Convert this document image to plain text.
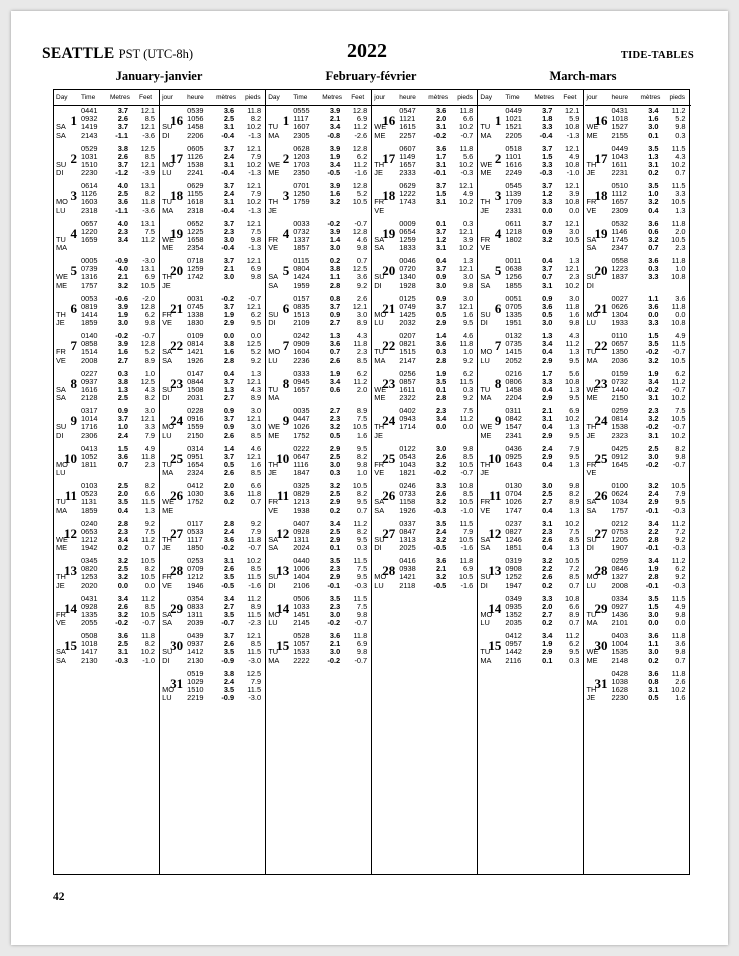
SEATTLE PST (UTC-8h)	2022	TIDE-TABLES
January-janvier	February-février	March-mars
Day Time Metres Feet
1
SA
SA
0441	3.7	12.1
0932	2.6	8.5
1419	3.7	12.1
2143	-1.1	-3.6
2
SU
DI
0529	3.8	12.5
1031	2.6	8.5
1510	3.7	12.1
2230	-1.2	-3.9
3
MO
LU
0614	4.0	13.1
1126	2.5	8.2
1603	3.6	11.8
2318	-1.1	-3.6
4
TU
MA
0657	4.0	13.1
1220	2.3	7.5
1659	3.4	11.2
5
WE
ME
0005	-0.9	-3.0
0739	4.0	13.1
1316	2.1	6.9
1757	3.2	10.5
6
TH
JE
0053	-0.6	-2.0
0819	3.9	12.8
1414	1.9	6.2
1859	3.0	9.8
7
FR
VE
0140	-0.2	-0.7
0858	3.9	12.8
1514	1.6	5.2
2008	2.7	8.9
8
SA
SA
0227	0.3	1.0
0937	3.8	12.5
1616	1.3	4.3
2128	2.5	8.2
9
SU
DI
0317	0.9	3.0
1014	3.7	12.1
1716	1.0	3.3
2306	2.4	7.9
10
MO
LU
0413	1.5	4.9
1052	3.6	11.8
1811	0.7	2.3
11
TU
MA
0103	2.5	8.2
0523	2.0	6.6
1131	3.5	11.5
1859	0.4	1.3
12
WE
ME
0240	2.8	9.2
0653	2.3	7.5
1212	3.4	11.2
1942	0.2	0.7
13
TH
JE
0345	3.2	10.5
0820	2.5	8.2
1253	3.2	10.5
2020	0.0	0.0
14
FR
VE
0431	3.4	11.2
0928	2.6	8.5
1335	3.2	10.5
2055	-0.2	-0.7
15
SA
SA
0508	3.6	11.8
1018	2.5	8.2
1417	3.1	10.2
2130	-0.3	-1.0
jour heure mètres pieds
16
SU
DI
0539	3.6	11.8
1056	2.5	8.2
1458	3.1	10.2
2206	-0.4	-1.3
17
MO
LU
0605	3.7	12.1
1126	2.4	7.9
1538	3.1	10.2
2241	-0.4	-1.3
18
TU
MA
0629	3.7	12.1
1155	2.4	7.9
1618	3.1	10.2
2318	-0.4	-1.3
19
WE
ME
0652	3.7	12.1
1225	2.3	7.5
1658	3.0	9.8
2354	-0.4	-1.3
20
TH
JE
0718	3.7	12.1
1259	2.1	6.9
1742	3.0	9.8
21
FR
VE
0031	-0.2	-0.7
0745	3.7	12.1
1338	1.9	6.2
1830	2.9	9.5
22
SA
SA
0109	0.0	0.0
0814	3.8	12.5
1421	1.6	5.2
1926	2.8	9.2
23
SU
DI
0147	0.4	1.3
0844	3.7	12.1
1508	1.3	4.3
2031	2.7	8.9
24
MO
LU
0228	0.9	3.0
0916	3.7	12.1
1559	0.9	3.0
2150	2.6	8.5
25
TU
MA
0314	1.4	4.6
0951	3.7	12.1
1654	0.5	1.6
2324	2.6	8.5
26
WE
ME
0412	2.0	6.6
1030	3.6	11.8
1752	0.2	0.7
27
TH
JE
0117	2.8	9.2
0533	2.4	7.9
1117	3.6	11.8
1850	-0.2	-0.7
28
FR
VE
0253	3.1	10.2
0709	2.6	8.5
1212	3.5	11.5
1946	-0.5	-1.6
29
SA
SA
0354	3.4	11.2
0833	2.7	8.9
1311	3.5	11.5
2039	-0.7	-2.3
30
SU
DI
0439	3.7	12.1
0937	2.6	8.5
1412	3.5	11.5
2130	-0.9	-3.0
31
MO
LU
0519	3.8	12.5
1029	2.4	7.9
1510	3.5	11.5
2219	-0.9	-3.0
Day Time Metres Feet
1
TU
MA
0555	3.9	12.8
1117	2.1	6.9
1607	3.4	11.2
2305	-0.8	-2.6
2
WE
ME
0628	3.9	12.8
1203	1.9	6.2
1703	3.4	11.2
2350	-0.5	-1.6
3
TH
JE
0701	3.9	12.8
1250	1.6	5.2
1759	3.2	10.5
4
FR
VE
0033	-0.2	-0.7
0732	3.9	12.8
1337	1.4	4.6
1857	3.0	9.8
5
SA
SA
0115	0.2	0.7
0804	3.8	12.5
1424	1.1	3.6
1959	2.8	9.2
6
SU
DI
0157	0.8	2.6
0835	3.7	12.1
1513	0.9	3.0
2109	2.7	8.9
7
MO
LU
0242	1.3	4.3
0909	3.6	11.8
1604	0.7	2.3
2236	2.6	8.5
8
TU
MA
0333	1.9	6.2
0945	3.4	11.2
1657	0.6	2.0
9
WE
ME
0035	2.7	8.9
0447	2.3	7.5
1026	3.2	10.5
1752	0.5	1.6
10
TH
JE
0222	2.9	9.5
0647	2.5	8.2
1116	3.0	9.8
1847	0.3	1.0
11
FR
VE
0325	3.2	10.5
0829	2.5	8.2
1213	2.9	9.5
1938	0.2	0.7
12
SA
SA
0407	3.4	11.2
0928	2.5	8.2
1311	2.9	9.5
2024	0.1	0.3
13
SU
DI
0440	3.5	11.5
1006	2.3	7.5
1404	2.9	9.5
2106	-0.1	-0.3
14
MO
LU
0506	3.5	11.5
1033	2.3	7.5
1451	3.0	9.8
2145	-0.2	-0.7
15
TU
MA
0528	3.6	11.8
1057	2.1	6.9
1533	3.0	9.8
2222	-0.2	-0.7
jour heure mètres pieds
16
WE
ME
0547	3.6	11.8
1121	2.0	6.6
1615	3.1	10.2
2257	-0.2	-0.7
17
TH
JE
0607	3.6	11.8
1149	1.7	5.6
1657	3.1	10.2
2333	-0.1	-0.3
18
FR
VE
0629	3.7	12.1
1222	1.5	4.9
1743	3.1	10.2
19
SA
SA
0009	0.1	0.3
0654	3.7	12.1
1259	1.2	3.9
1833	3.1	10.2
20
SU
DI
0046	0.4	1.3
0720	3.7	12.1
1340	0.9	3.0
1928	3.0	9.8
21
MO
LU
0125	0.9	3.0
0749	3.7	12.1
1425	0.5	1.6
2032	2.9	9.5
22
TU
MA
0207	1.4	4.6
0821	3.6	11.8
1515	0.3	1.0
2147	2.8	9.2
23
WE
ME
0256	1.9	6.2
0857	3.5	11.5
1611	0.1	0.3
2322	2.8	9.2
24
TH
JE
0402	2.3	7.5
0943	3.4	11.2
1714	0.0	0.0
25
FR
VE
0122	3.0	9.8
0543	2.6	8.5
1043	3.2	10.5
1821	-0.2	-0.7
26
SA
SA
0246	3.3	10.8
0733	2.6	8.5
1158	3.2	10.5
1926	-0.3	-1.0
27
SU
DI
0337	3.5	11.5
0847	2.4	7.9
1313	3.2	10.5
2025	-0.5	-1.6
28
MO
LU
0416	3.6	11.8
0938	2.1	6.9
1421	3.2	10.5
2118	-0.5	-1.6
Day Time Metres Feet
1
TU
MA
0449	3.7	12.1
1021	1.8	5.9
1521	3.3	10.8
2205	-0.4	-1.3
2
WE
ME
0518	3.7	12.1
1101	1.5	4.9
1616	3.3	10.8
2249	-0.3	-1.0
3
TH
JE
0545	3.7	12.1
1139	1.2	3.9
1709	3.3	10.8
2331	0.0	0.0
4
FR
VE
0611	3.7	12.1
1218	0.9	3.0
1802	3.2	10.5
5
SA
SA
0011	0.4	1.3
0638	3.7	12.1
1256	0.7	2.3
1855	3.1	10.2
6
SU
DI
0051	0.9	3.0
0705	3.6	11.8
1335	0.5	1.6
1951	3.0	9.8
7
MO
LU
0132	1.3	4.3
0735	3.4	11.2
1415	0.4	1.3
2052	2.9	9.5
8
TU
MA
0216	1.7	5.6
0806	3.3	10.8
1458	0.4	1.3
2204	2.9	9.5
9
WE
ME
0311	2.1	6.9
0842	3.1	10.2
1547	0.4	1.3
2341	2.9	9.5
10
TH
JE
0436	2.4	7.9
0925	2.9	9.5
1643	0.4	1.3
11
FR
VE
0130	3.0	9.8
0704	2.5	8.2
1026	2.7	8.9
1747	0.4	1.3
12
SA
SA
0237	3.1	10.2
0827	2.3	7.5
1246	2.6	8.5
1851	0.4	1.3
13
SU
DI
0319	3.2	10.5
0908	2.2	7.2
1252	2.6	8.5
1947	0.2	0.7
14
MO
LU
0349	3.3	10.8
0935	2.0	6.6
1352	2.7	8.9
2035	0.2	0.7
15
TU
MA
0412	3.4	11.2
0957	1.9	6.2
1442	2.9	9.5
2116	0.1	0.3
jour heure mètres pieds
16
WE
ME
0431	3.4	11.2
1018	1.6	5.2
1527	3.0	9.8
2155	0.1	0.3
17
TH
JE
0449	3.5	11.5
1043	1.3	4.3
1611	3.1	10.2
2231	0.2	0.7
18
FR
VE
0510	3.5	11.5
1112	1.0	3.3
1657	3.2	10.5
2309	0.4	1.3
19
SA
SA
0532	3.6	11.8
1146	0.6	2.0
1745	3.2	10.5
2347	0.7	2.3
20
SU
DI
0558	3.6	11.8
1223	0.3	1.0
1837	3.3	10.8
21
MO
LU
0027	1.1	3.6
0626	3.6	11.8
1304	0.0	0.0
1933	3.3	10.8
22
TU
MA
0110	1.5	4.9
0657	3.5	11.5
1350	-0.2	-0.7
2036	3.2	10.5
23
WE
ME
0159	1.9	6.2
0732	3.4	11.2
1440	-0.2	-0.7
2150	3.1	10.2
24
TH
JE
0259	2.3	7.5
0814	3.2	10.5
1538	-0.2	-0.7
2323	3.1	10.2
25
FR
VE
0425	2.5	8.2
0912	3.0	9.8
1645	-0.2	-0.7
26
SA
SA
0100	3.2	10.5
0624	2.4	7.9
1034	2.9	9.5
1757	-0.1	-0.3
27
SU
DI
0212	3.4	11.2
0753	2.2	7.2
1205	2.8	9.2
1907	-0.1	-0.3
28
MO
LU
0259	3.4	11.2
0846	1.9	6.2
1327	2.8	9.2
2008	-0.1	-0.3
29
TU
MA
0334	3.5	11.5
0927	1.5	4.9
1436	3.0	9.8
2101	0.0	0.0
30
WE
ME
0403	3.6	11.8
1004	1.1	3.6
1535	3.0	9.8
2148	0.2	0.7
31
TH
JE
0428	3.6	11.8
1038	0.8	2.6
1628	3.1	10.2
2230	0.5	1.6
42
